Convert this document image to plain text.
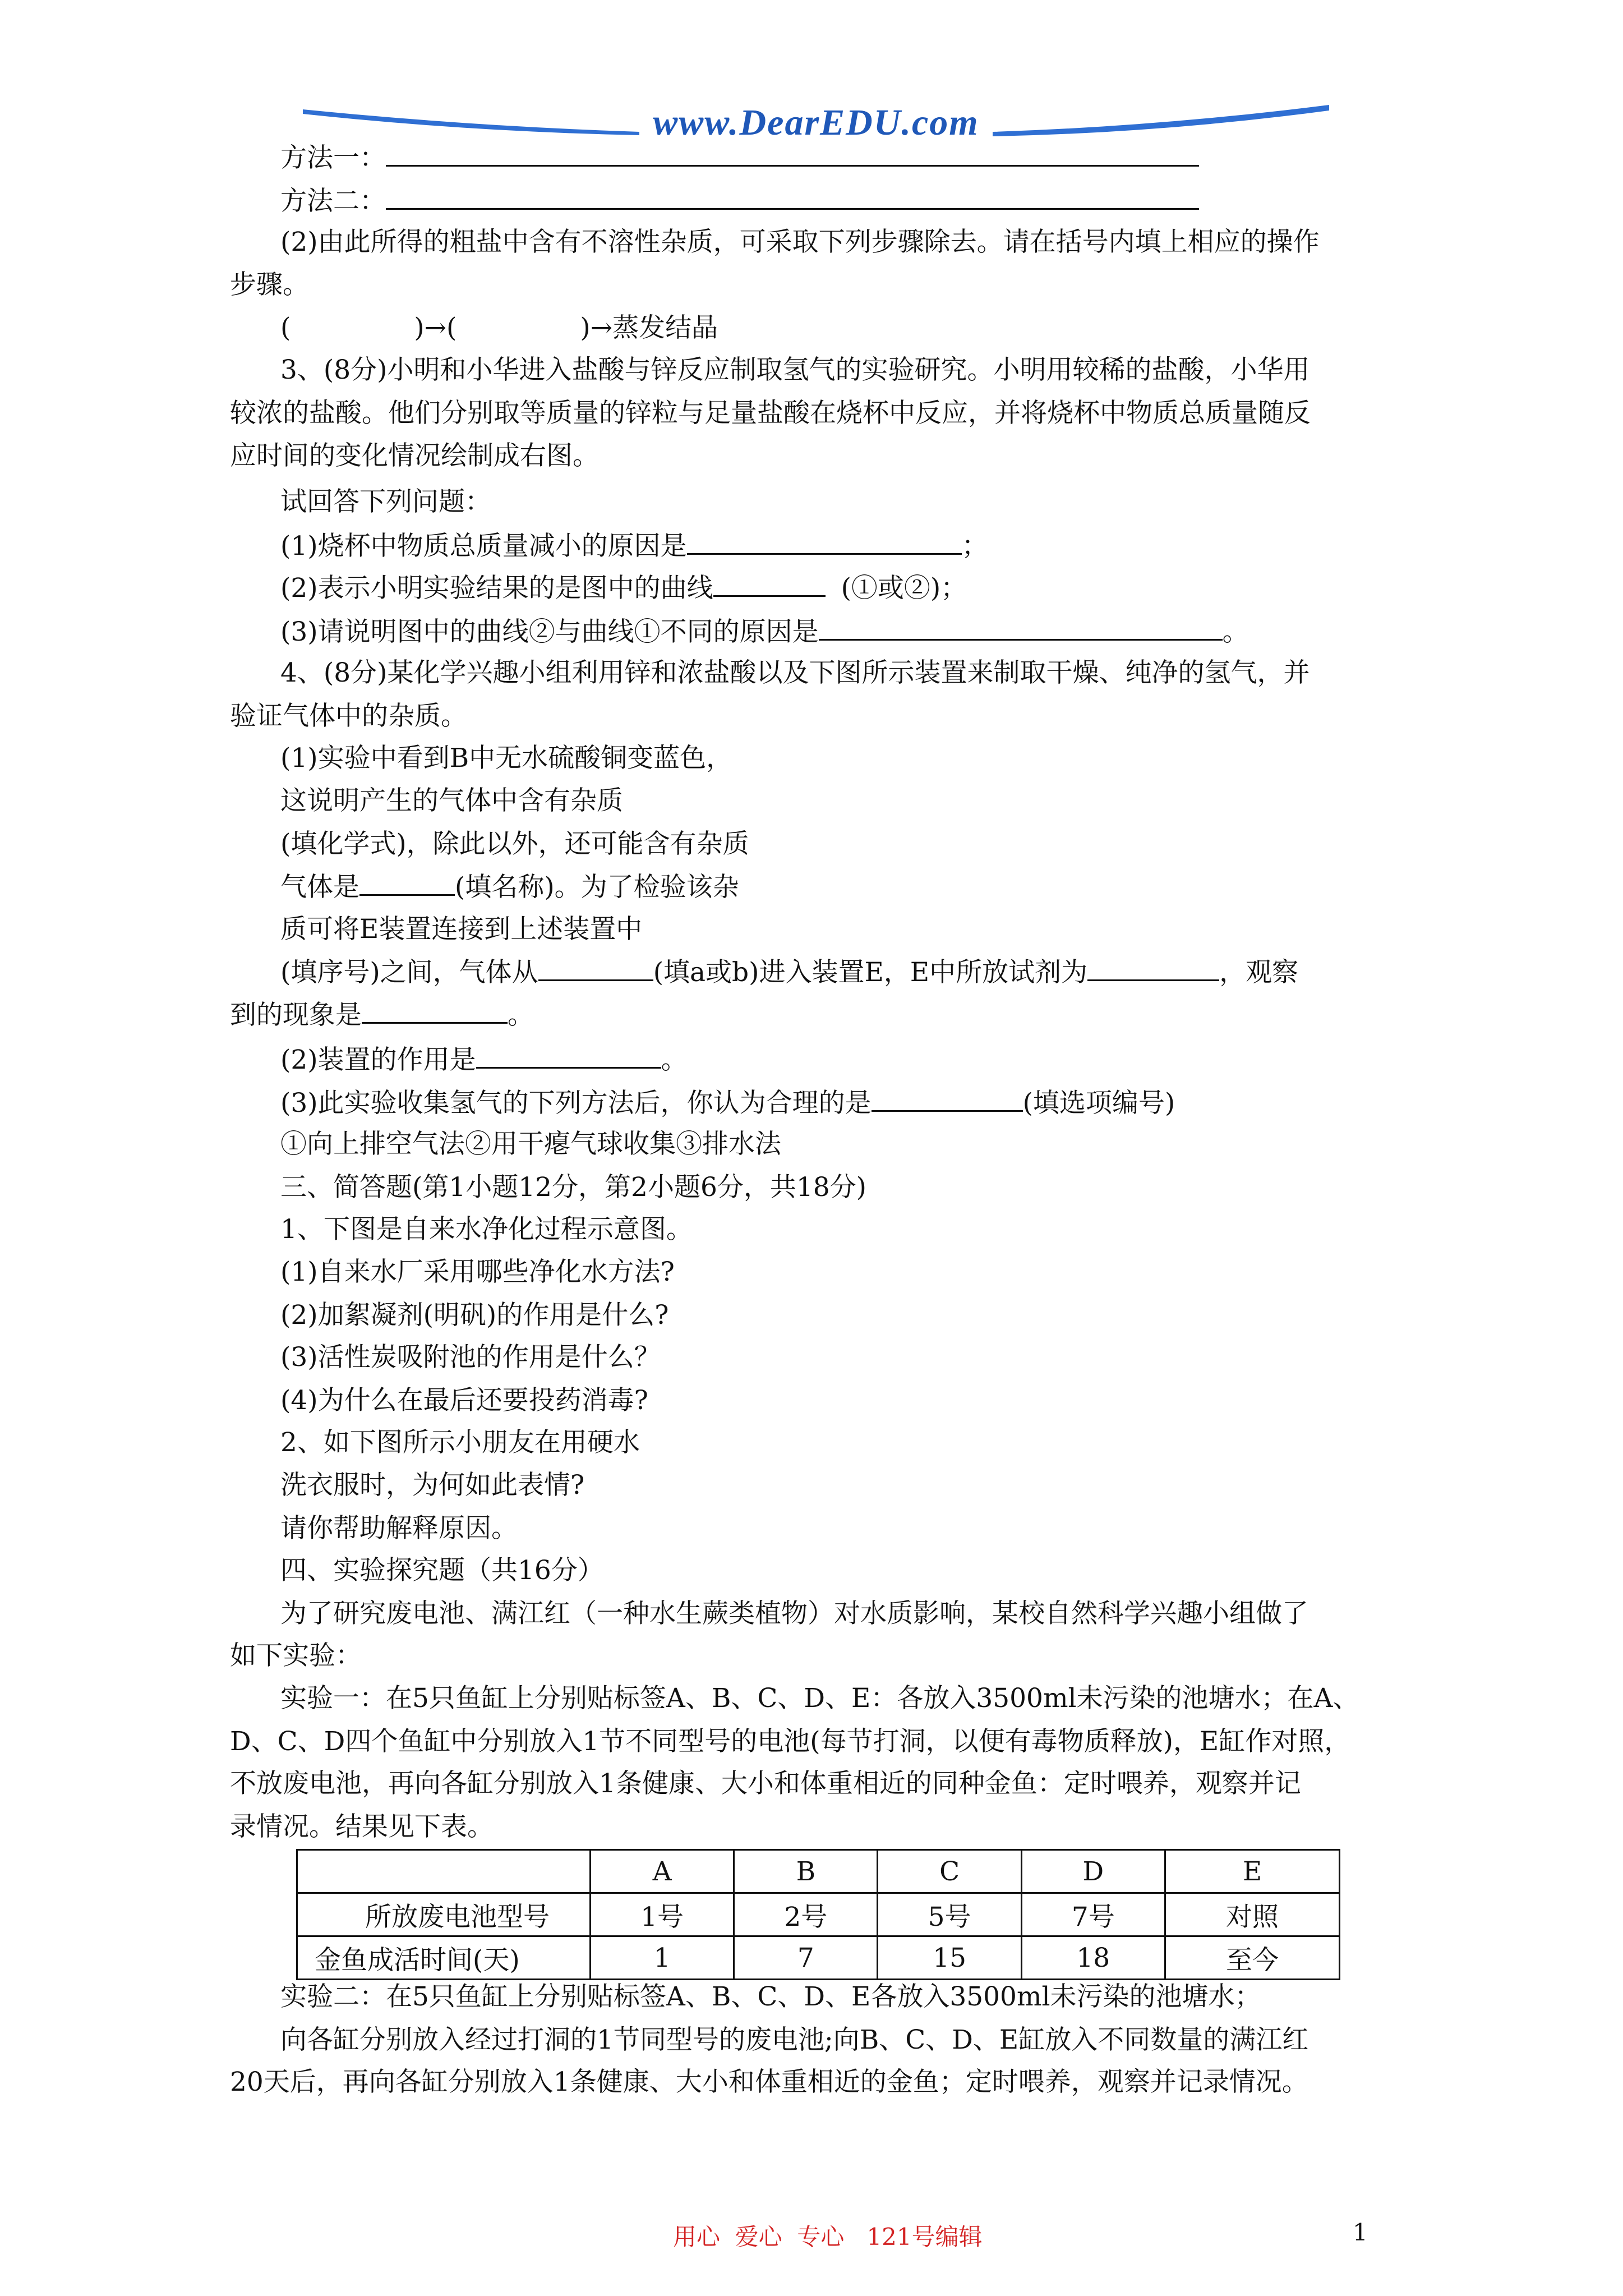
www.DearEDU.com
方法一：
方法二：
(2)由此所得的粗盐中含有不溶性杂质，可采取下列步骤除去。请在括号内填上相应的操作
步骤。
(	)→(	)→蒸发结晶
3、(8分)小明和小华进入盐酸与锌反应制取氢气的实验研究。小明用较稀的盐酸，小华用
较浓的盐酸。他们分别取等质量的锌粒与足量盐酸在烧杯中反应，并将烧杯中物质总质量随反
应时间的变化情况绘制成右图。
试回答下列问题：
(1)烧杯中物质总质量减小的原因是	；
(2)表示小明实验结果的是图中的曲线	(①或②)；
(3)请说明图中的曲线②与曲线①不同的原因是	。
4、(8分)某化学兴趣小组利用锌和浓盐酸以及下图所示装置来制取干燥、纯净的氢气，并
验证气体中的杂质。
(1)实验中看到B中无水硫酸铜变蓝色，
这说明产生的气体中含有杂质
(填化学式)，除此以外，还可能含有杂质
气体是	(填名称)。为了检验该杂
质可将E装置连接到上述装置中
(填序号)之间，气体从	(填a或b)进入装置E，E中所放试剂为	，观察
到的现象是	。
(2)装置的作用是	。
(3)此实验收集氢气的下列方法后，你认为合理的是	(填选项编号)
①向上排空气法②用干瘪气球收集③排水法
三、简答题(第1小题12分，第2小题6分，共18分)
1、下图是自来水净化过程示意图。
(1)自来水厂采用哪些净化水方法?
(2)加絮凝剂(明矾)的作用是什么?
(3)活性炭吸附池的作用是什么？
(4)为什么在最后还要投药消毒?
2、如下图所示小朋友在用硬水
洗衣服时，为何如此表情?
请你帮助解释原因。
四、实验探究题（共16分）
为了研究废电池、满江红（一种水生蕨类植物）对水质影响，某校自然科学兴趣小组做了
如下实验：
实验一：在5只鱼缸上分别贴标签A、B、C、D、E：各放入3500ml未污染的池塘水；在A、
D、C、D四个鱼缸中分别放入1节不同型号的电池(每节打洞，以便有毒物质释放)，E缸作对照，
不放废电池，再向各缸分别放入1条健康、大小和体重相近的同种金鱼：定时喂养，观察并记
录情况。结果见下表。
	A	B	C	D	E
所放废电池型号	1号	2号	5号	7号	对照
金鱼成活时间(天)	1	7	15	18	至今
实验二：在5只鱼缸上分别贴标签A、B、C、D、E各放入3500ml未污染的池塘水；
向各缸分别放入经过打洞的1节同型号的废电池;向B、C、D、E缸放入不同数量的满江红
20天后，再向各缸分别放入1条健康、大小和体重相近的金鱼；定时喂养，观察并记录情况。
用心  爱心  专心   121号编辑	1
